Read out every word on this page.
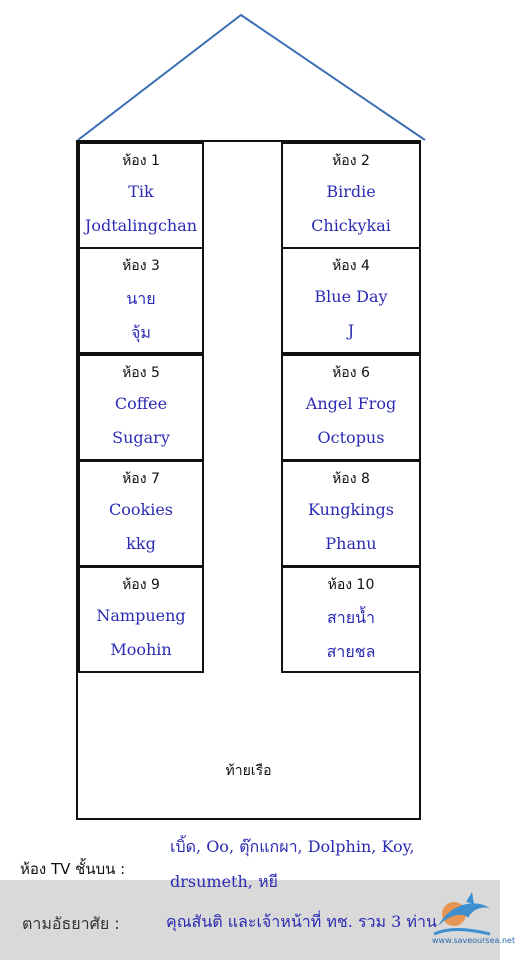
ห้อง 1
Tik
Jodtalingchan
ห้อง 2
Birdie
Chickykai
ห้อง 3
นาย
จุ้ม
ห้อง 4
Blue Day
J
ห้อง 5
Coffee
Sugary
ห้อง 6
Angel Frog
Octopus
ห้อง 7
Cookies
kkg
ห้อง 8
Kungkings
Phanu
ห้อง 9
Nampueng
Moohin
ห้อง 10
สายน้ำ
สายชล
ท้ายเรือ
ห้อง TV ชั้นบน :
เบิ้ด, Oo, ตุ๊กแกผา, Dolphin, Koy,
drsumeth, หยี
ตามอัธยาศัย :	คุณสันติ และเจ้าหน้าที่ ทช. รวม 3 ท่าน
www.saveoursea.net
